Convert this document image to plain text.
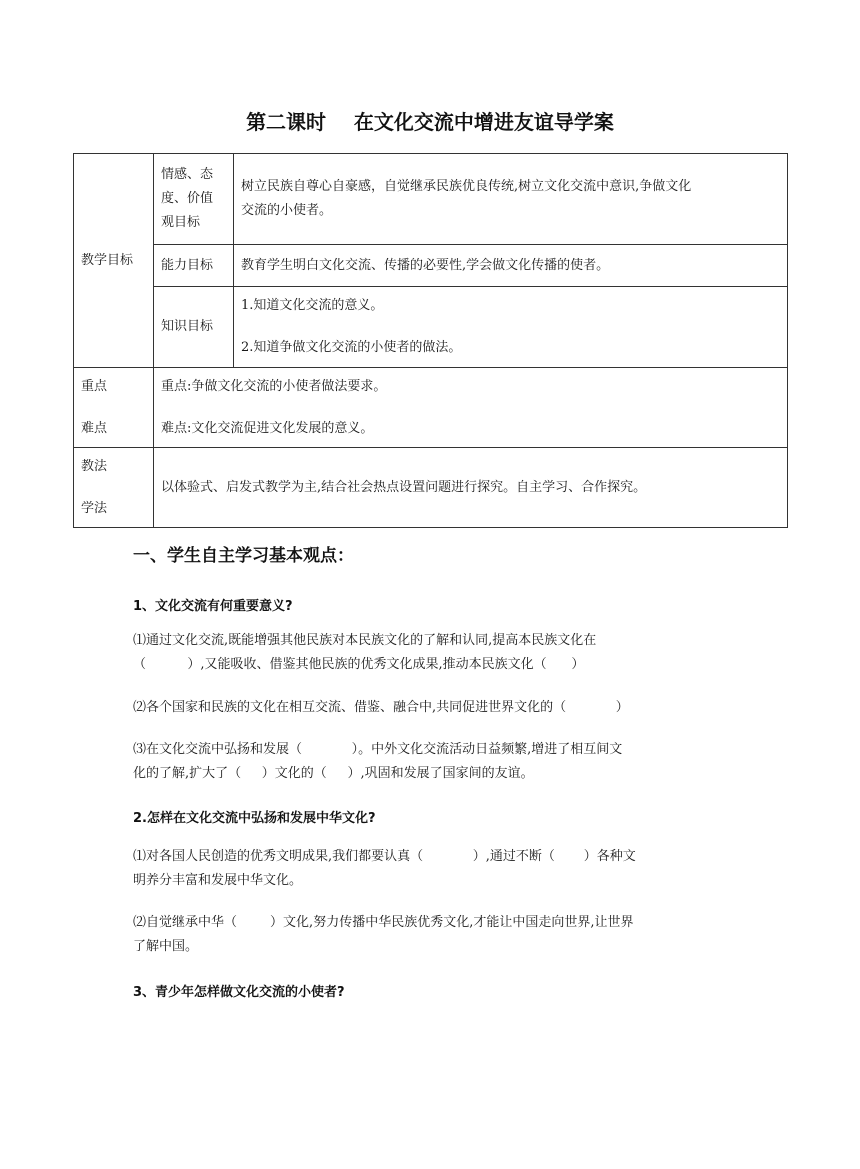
第二课时    在文化交流中增进友谊导学案
教学目标	情感、态
度、价值
观目标	树立民族自尊心自豪感，自觉继承民族优良传统,树立文化交流中意识,争做文化
交流的小使者。

	能力目标	教育学生明白文化交流、传播的必要性,学会做文化传播的使者。
	知识目标	1.知道文化交流的意义。
2.知道争做文化交流的小使者的做法。

重点
难点	重点:争做文化交流的小使者做法要求。
难点:文化交流促进文化发展的意义。	

教法
学法	以体验式、启发式教学为主,结合社会热点设置问题进行探究。自主学习、合作探究。	
一、学生自主学习基本观点：
1、文化交流有何重要意义?
⑴通过文化交流,既能增强其他民族对本民族文化的了解和认同,提高本民族文化在
（          ）,又能吸收、借鉴其他民族的优秀文化成果,推动本民族文化（      ）
⑵各个国家和民族的文化在相互交流、借鉴、融合中,共同促进世界文化的（            ）
⑶在文化交流中弘扬和发展（            ）。中外文化交流活动日益频繁,增进了相互间文
化的了解,扩大了（     ）文化的（     ）,巩固和发展了国家间的友谊。
2.怎样在文化交流中弘扬和发展中华文化?
⑴对各国人民创造的优秀文明成果,我们都要认真（            ）,通过不断（       ）各种文
明养分丰富和发展中华文化。
⑵自觉继承中华（        ）文化,努力传播中华民族优秀文化,才能让中国走向世界,让世界
了解中国。
3、青少年怎样做文化交流的小使者?
